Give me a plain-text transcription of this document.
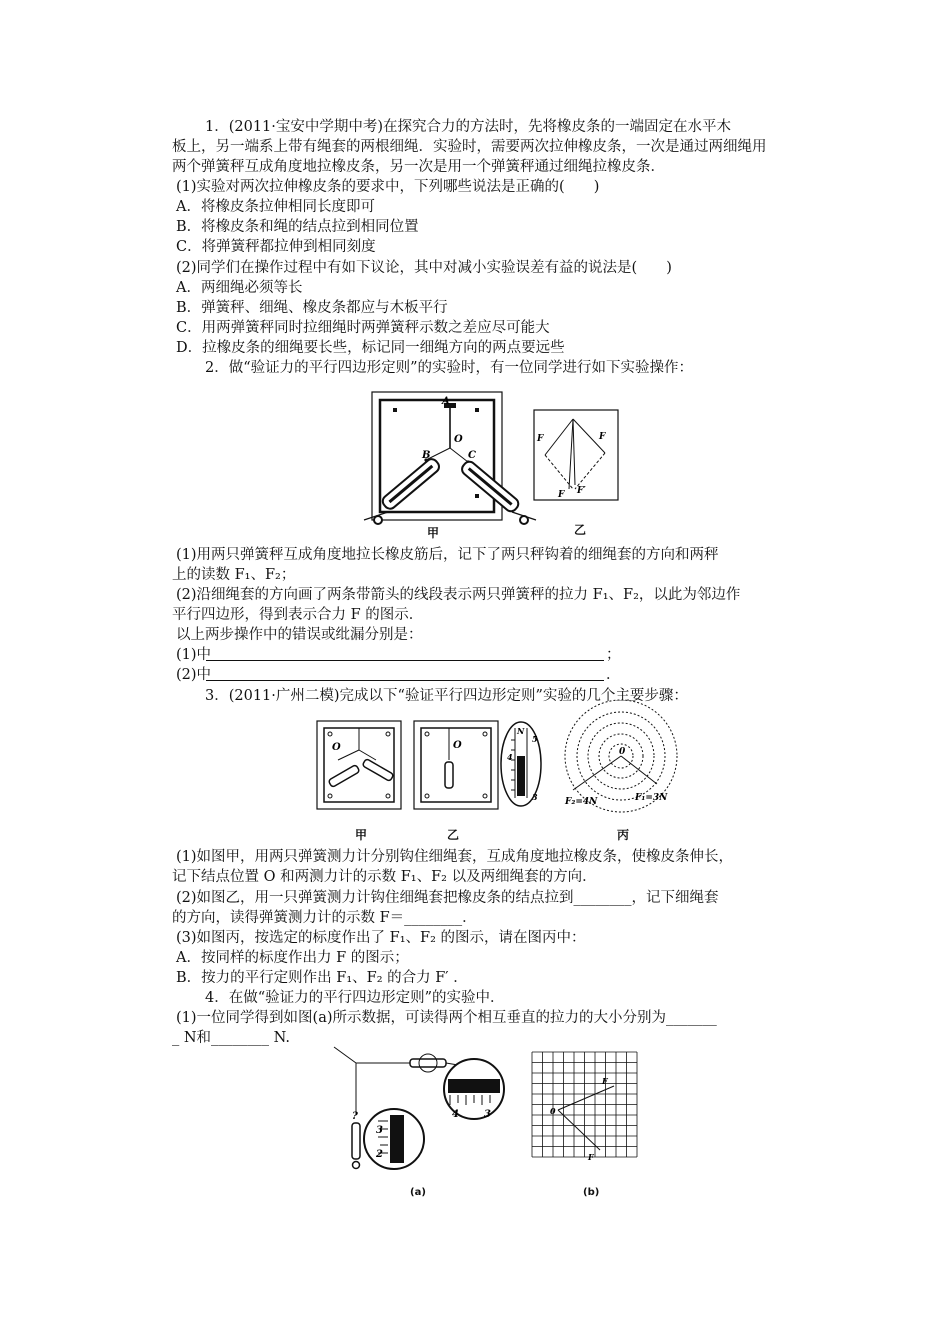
1．(2011·宝安中学期中考)在探究合力的方法时，先将橡皮条的一端固定在水平木
板上，另一端系上带有绳套的两根细绳．实验时，需要两次拉伸橡皮条，一次是通过两细绳用
两个弹簧秤互成角度地拉橡皮条，另一次是用一个弹簧秤通过细绳拉橡皮条．
(1)实验对两次拉伸橡皮条的要求中，下列哪些说法是正确的(　　)
A．将橡皮条拉伸相同长度即可
B．将橡皮条和绳的结点拉到相同位置
C．将弹簧秤都拉伸到相同刻度
(2)同学们在操作过程中有如下议论，其中对减小实验误差有益的说法是(　　)
A．两细绳必须等长
B．弹簧秤、细绳、橡皮条都应与木板平行
C．用两弹簧秤同时拉细绳时两弹簧秤示数之差应尽可能大
D．拉橡皮条的细绳要长些，标记同一细绳方向的两点要远些
2．做“验证力的平行四边形定则”的实验时，有一位同学进行如下实验操作：
A
O
B	C
甲
F	F
F F′
乙
(1)用两只弹簧秤互成角度地拉长橡皮筋后，记下了两只秤钩着的细绳套的方向和两秤
上的读数 F₁、F₂；
(2)沿细绳套的方向画了两条带箭头的线段表示两只弹簧秤的拉力 F₁、F₂，以此为邻边作
平行四边形，得到表示合力 F 的图示．
以上两步操作中的错误或纰漏分别是：
(1)中	；
(2)中	．
3．(2011·广州二模)完成以下“验证平行四边形定则”实验的几个主要步骤：
O
甲
O
N
5
4
3
乙
0
F₁=3N
F₂=4N
丙
(1)如图甲，用两只弹簧测力计分别钩住细绳套，互成角度地拉橡皮条，使橡皮条伸长，
记下结点位置 O 和两测力计的示数 F₁、F₂ 以及两细绳套的方向．
(2)如图乙，用一只弹簧测力计钩住细绳套把橡皮条的结点拉到________，记下细绳套
的方向，读得弹簧测力计的示数 F＝________．
(3)如图丙，按选定的标度作出了 F₁、F₂ 的图示，请在图丙中：
A．按同样的标度作出力 F 的图示；
B．按力的平行定则作出 F₁、F₂ 的合力 F′ ．
4．在做“验证力的平行四边形定则”的实验中．
(1)一位同学得到如图(a)所示数据，可读得两个相互垂直的拉力的大小分别为_______
_ N和________ N.
?	4	3
3
2
(a)
0
F
F
(b)
